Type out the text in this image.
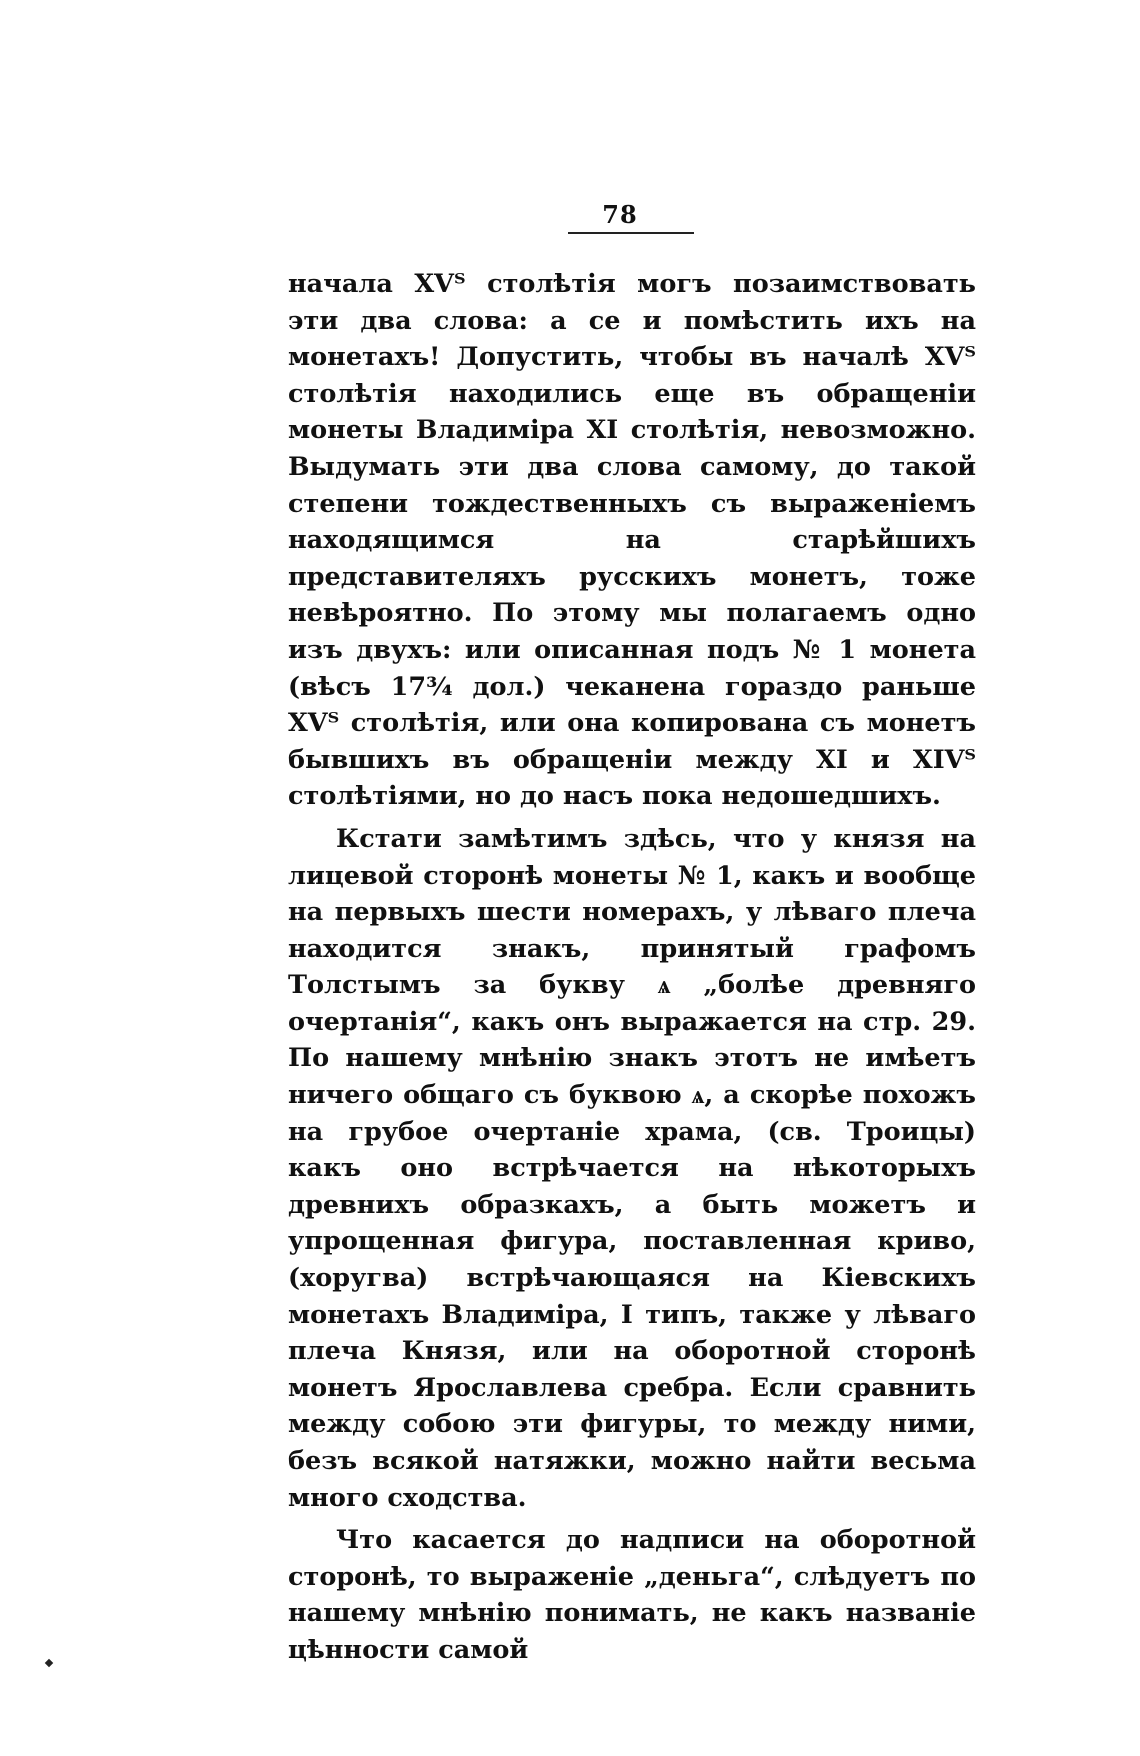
78

начала XVᵀ столѣтія могъ позаимствовать эти два слова: а се и помѣстить ихъ на монетахъ! Допустить, чтобы въ началѣ XVᵀ столѣтія находились еще въ обращеніи монеты Владиміра XI столѣтія, невозможно. Выдумать эти два слова самому, до такой степени тождественныхъ съ выраженіемъ находящимся на старѣйшихъ представителяхъ русскихъ монетъ, тоже невѣроятно. По этому мы полагаемъ одно изъ двухъ: или описанная подъ № 1 монета (вѣсъ 17¾ дол.) чеканена гораздо раньше XVᵀ столѣтія, или она копирована съ монетъ бывшихъ въ обращеніи между XI и XIVᵀ столѣтіями, но до насъ пока недошедшихъ.

Кстати замѣтимъ здѣсь, что у князя на лицевой сторонѣ монеты № 1, какъ и вообще на первыхъ шести номерахъ, у лѣваго плеча находится знакъ, принятый графомъ Толстымъ за букву ѧ „болѣе древняго очертанія“, какъ онъ выражается на стр. 29. По нашему мнѣнію знакъ этотъ не имѣетъ ничего общаго съ буквою ѧ, а скорѣе похожъ на грубое очертаніе храма, (св. Троицы) какъ оно встрѣчается на нѣкоторыхъ древнихъ образкахъ, а быть можетъ и упрощенная фигура, поставленная криво, (хоругва) встрѣчающаяся на Кіевскихъ монетахъ Владиміра, I типъ, также у лѣваго плеча Князя, или на оборотной сторонѣ монетъ Ярославлева сребра. Если сравнить между собою эти фигуры, то между ними, безъ всякой натяжки, можно найти весьма много сходства.

Что касается до надписи на оборотной сторонѣ, то выраженіе „деньга“, слѣдуетъ по нашему мнѣнію понимать, не какъ названіе цѣнности самой
